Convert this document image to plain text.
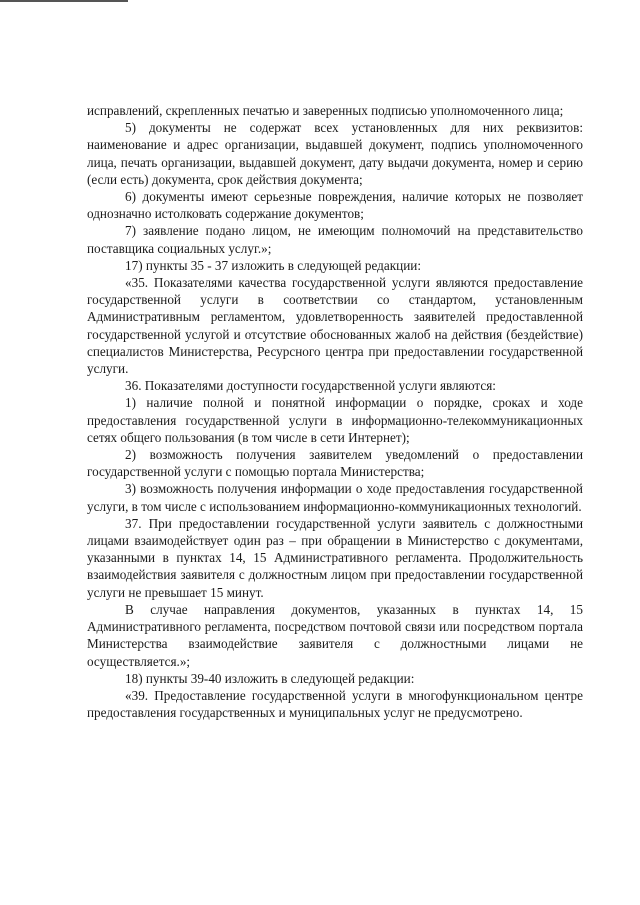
исправлений, скрепленных печатью и заверенных подписью уполномоченного лица;

5) документы не содержат всех установленных для них реквизитов: наименование и адрес организации, выдавшей документ, подпись уполномоченного лица, печать организации, выдавшей документ, дату выдачи документа, номер и серию (если есть) документа, срок действия документа;

6) документы имеют серьезные повреждения, наличие которых не позволяет однозначно истолковать содержание документов;

7) заявление подано лицом, не имеющим полномочий на представительство поставщика социальных услуг.»;

17) пункты 35 - 37 изложить в следующей редакции:

«35. Показателями качества государственной услуги являются предоставление государственной услуги в соответствии со стандартом, установленным Административным регламентом, удовлетворенность заявителей предоставленной государственной услугой и отсутствие обоснованных жалоб на действия (бездействие) специалистов Министерства, Ресурсного центра при предоставлении государственной услуги.

36. Показателями доступности государственной услуги являются:

1) наличие полной и понятной информации о порядке, сроках и ходе предоставления государственной услуги в информационно-телекоммуникационных сетях общего пользования (в том числе в сети Интернет);

2) возможность получения заявителем уведомлений о предоставлении государственной услуги с помощью портала Министерства;

3) возможность получения информации о ходе предоставления государственной услуги, в том числе с использованием информационно-коммуникационных технологий.

37. При предоставлении государственной услуги заявитель с должностными лицами взаимодействует один раз – при обращении в Министерство с документами, указанными в пунктах 14, 15 Административного регламента. Продолжительность взаимодействия заявителя с должностным лицом при предоставлении государственной услуги не превышает 15 минут.

В случае направления документов, указанных в пунктах 14, 15 Административного регламента, посредством почтовой связи или посредством портала Министерства взаимодействие заявителя с должностными лицами не осуществляется.»;

18) пункты 39-40 изложить в следующей редакции:

«39. Предоставление государственной услуги в многофункциональном центре предоставления государственных и муниципальных услуг не предусмотрено.
